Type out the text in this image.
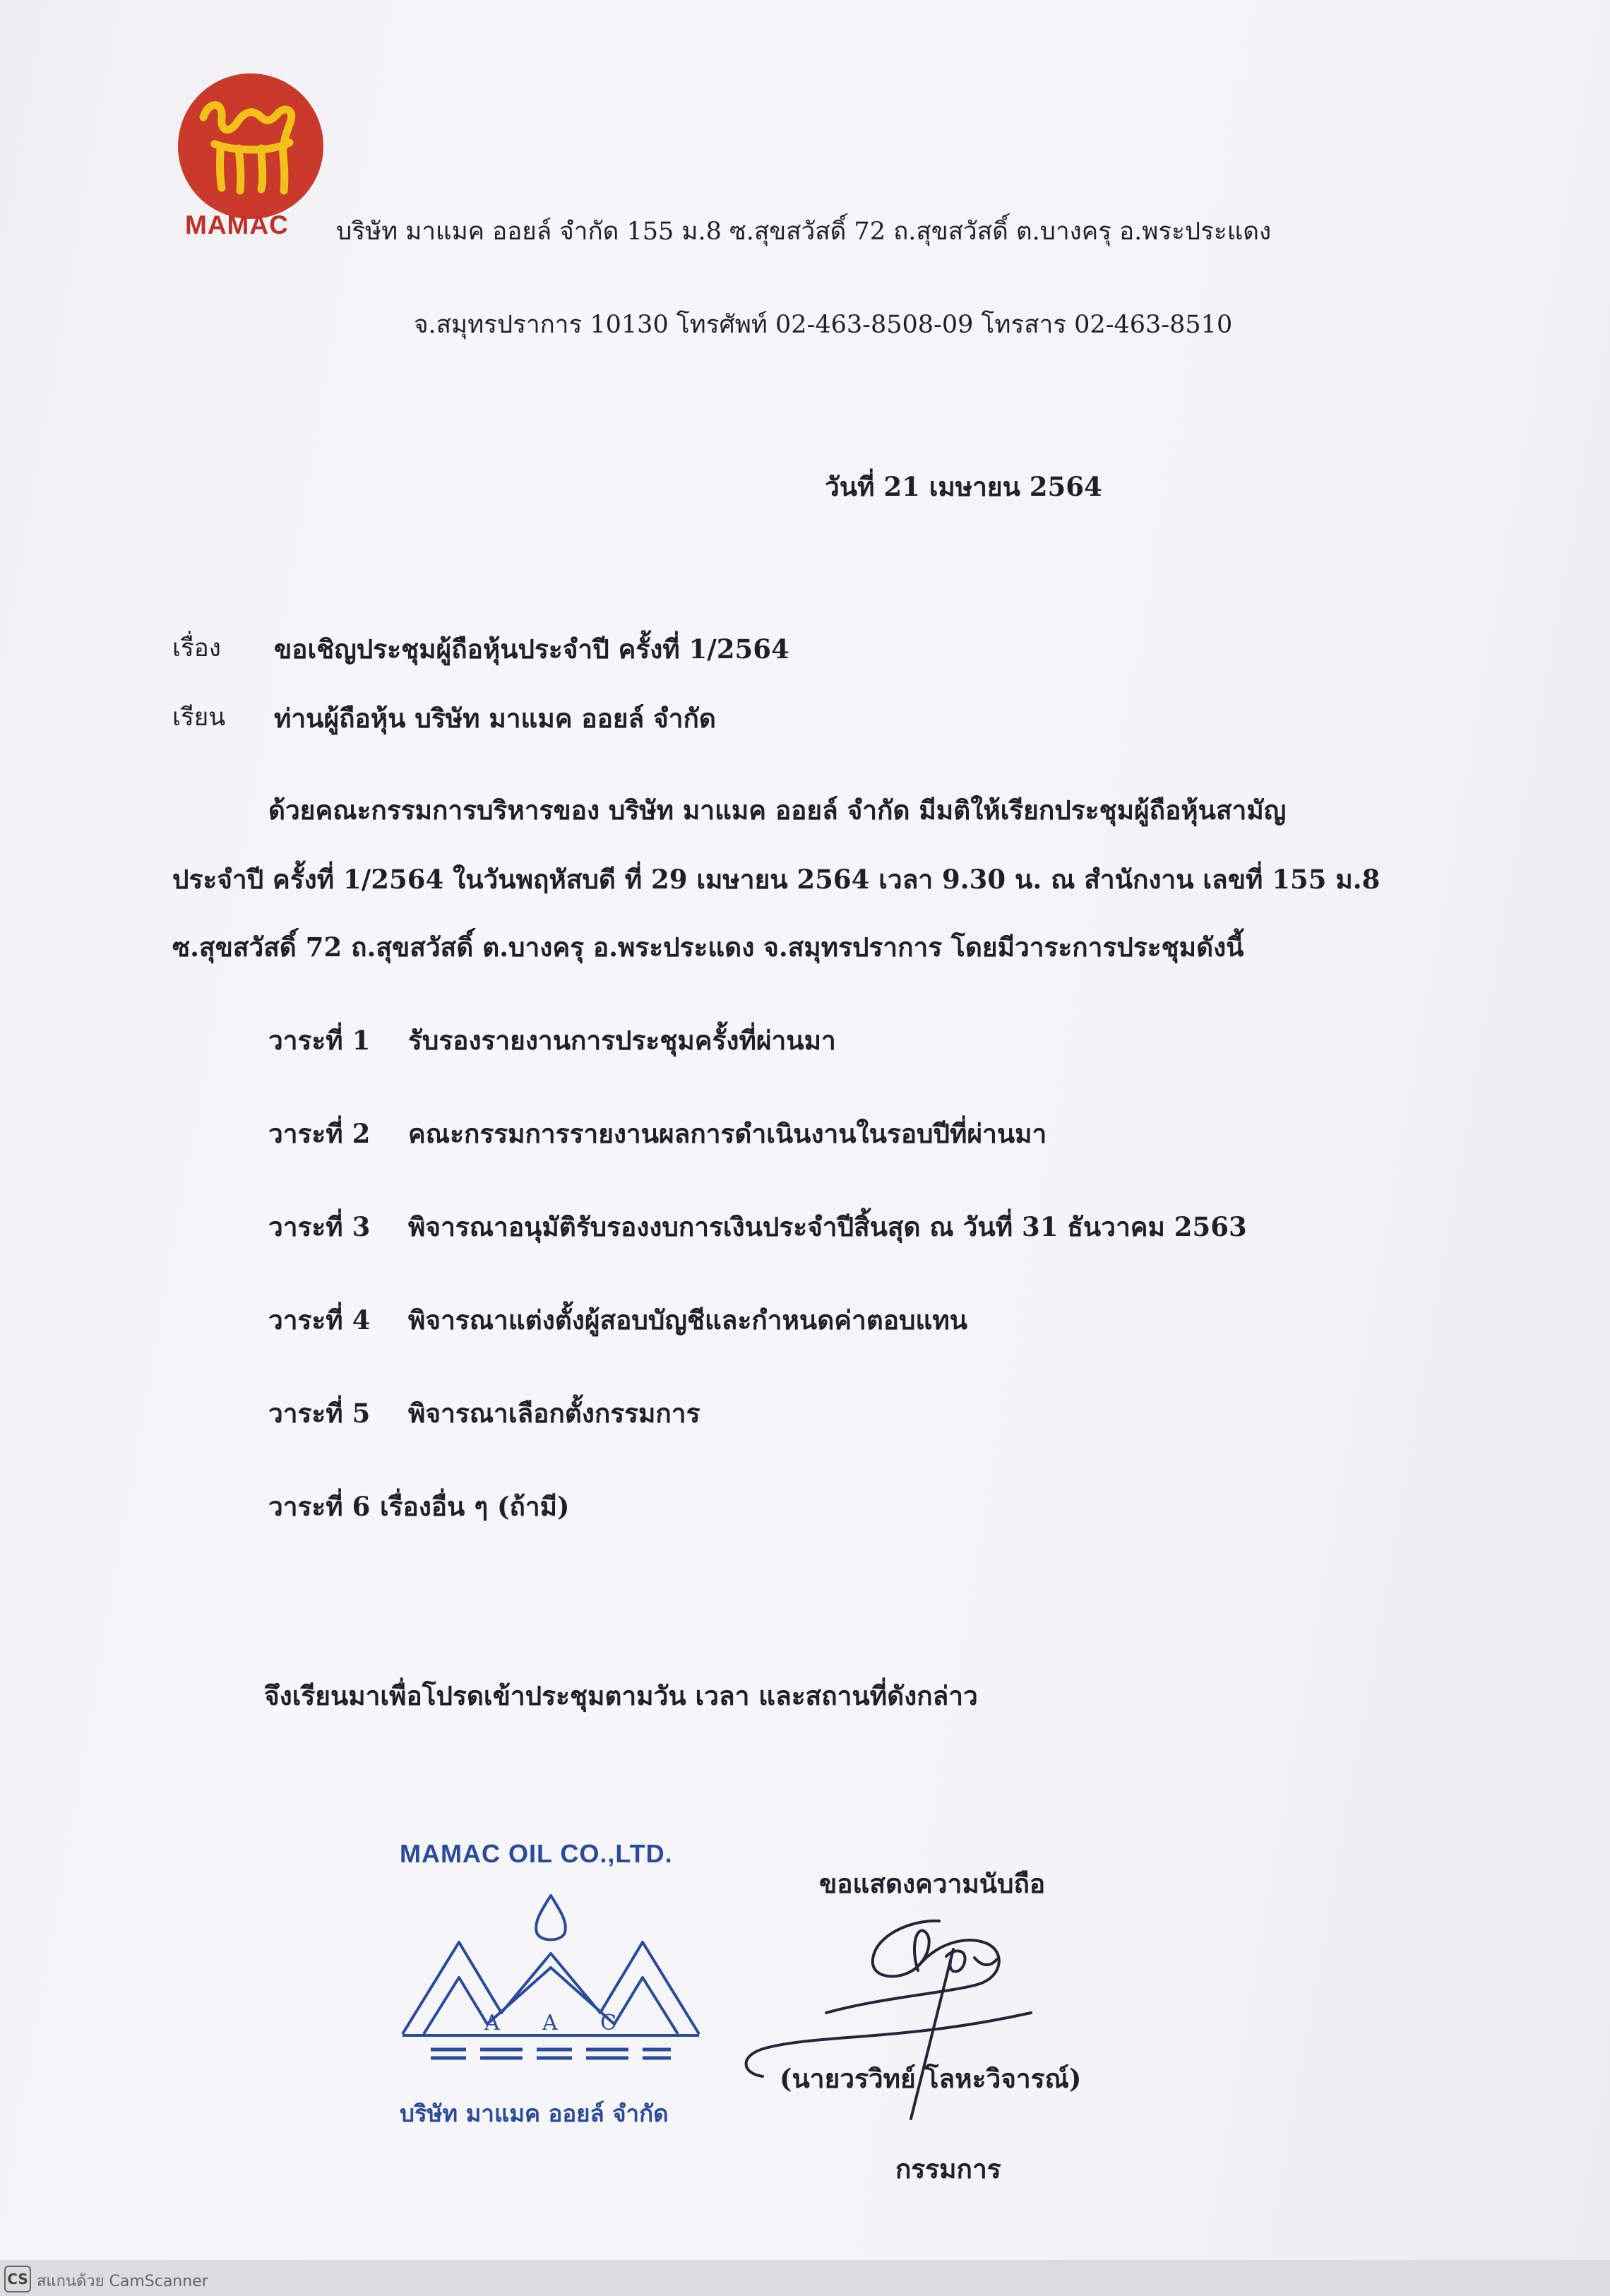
MAMAC บริษัท มาแมค ออยล์ จำกัด 155 ม.8 ซ.สุขสวัสดิ์ 72 ถ.สุขสวัสดิ์ ต.บางครุ อ.พระประแดง
จ.สมุทรปราการ 10130 โทรศัพท์ 02-463-8508-09 โทรสาร 02-463-8510
วันที่ 21 เมษายน 2564
เรื่อง ขอเชิญประชุมผู้ถือหุ้นประจำปี ครั้งที่ 1/2564
เรียน ท่านผู้ถือหุ้น บริษัท มาแมค ออยล์ จำกัด
ด้วยคณะกรรมการบริหารของ บริษัท มาแมค ออยล์ จำกัด มีมติให้เรียกประชุมผู้ถือหุ้นสามัญ
ประจำปี ครั้งที่ 1/2564 ในวันพฤหัสบดี ที่ 29 เมษายน 2564 เวลา 9.30 น. ณ สำนักงาน เลขที่ 155 ม.8
ซ.สุขสวัสดิ์ 72 ถ.สุขสวัสดิ์ ต.บางครุ อ.พระประแดง จ.สมุทรปราการ โดยมีวาระการประชุมดังนี้
วาระที่ 1 รับรองรายงานการประชุมครั้งที่ผ่านมา
วาระที่ 2 คณะกรรมการรายงานผลการดำเนินงานในรอบปีที่ผ่านมา
วาระที่ 3 พิจารณาอนุมัติรับรองงบการเงินประจำปีสิ้นสุด ณ วันที่ 31 ธันวาคม 2563
วาระที่ 4 พิจารณาแต่งตั้งผู้สอบบัญชีและกำหนดค่าตอบแทน
วาระที่ 5 พิจารณาเลือกตั้งกรรมการ
วาระที่ 6 เรื่องอื่น ๆ (ถ้ามี)
จึงเรียนมาเพื่อโปรดเข้าประชุมตามวัน เวลา และสถานที่ดังกล่าว
MAMAC OIL CO.,LTD.
A A C
บริษัท มาแมค ออยล์ จำกัด
ขอแสดงความนับถือ
(นายวรวิทย์ โลหะวิจารณ์)
กรรมการ
CS สแกนด้วย CamScanner
